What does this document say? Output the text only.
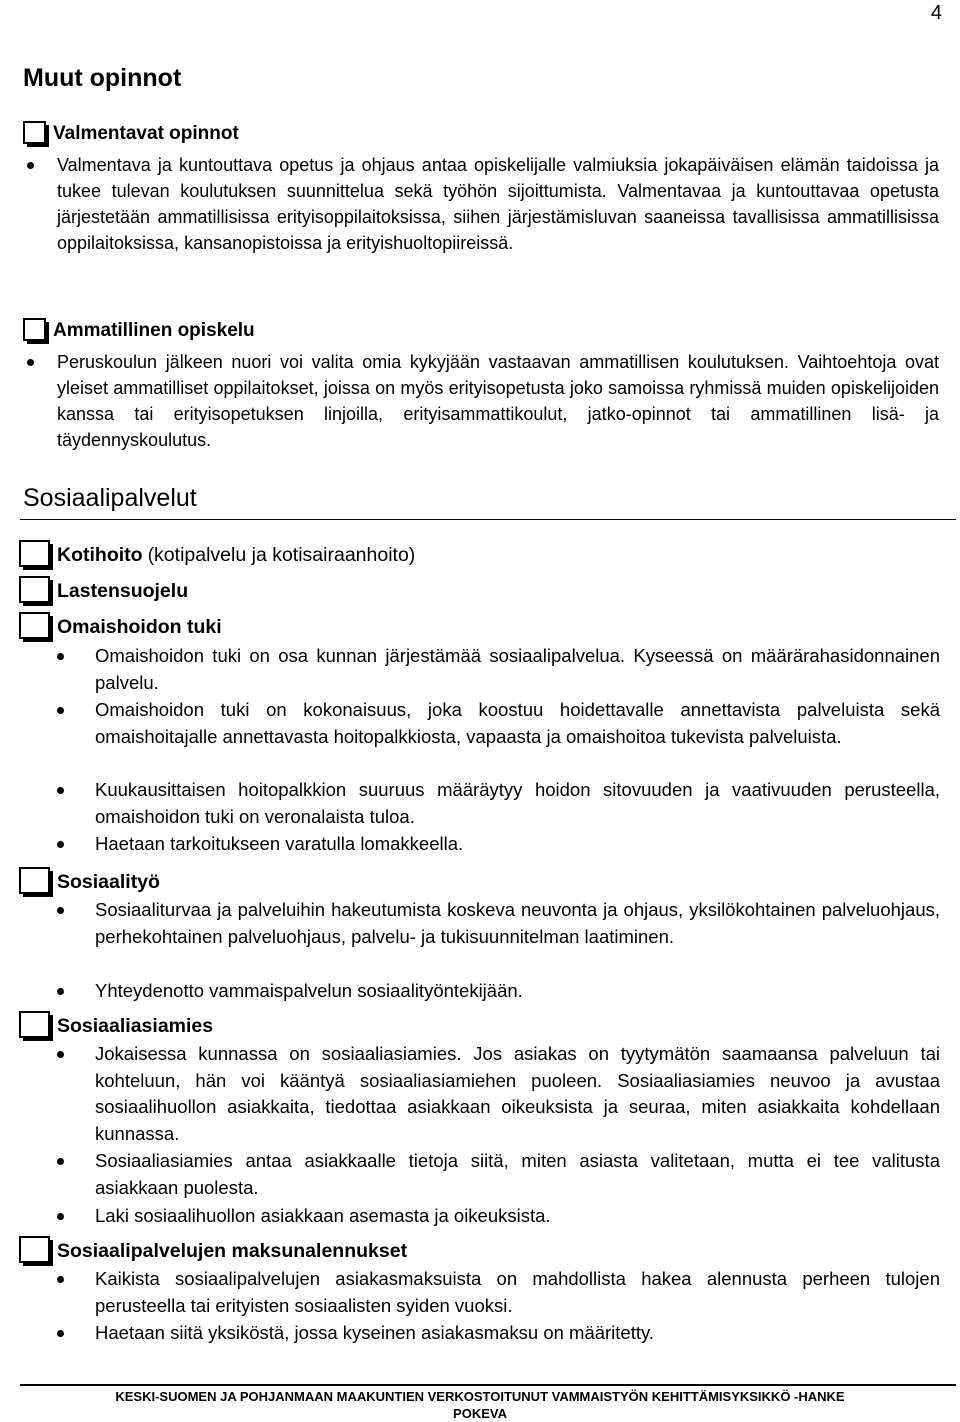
4
Muut opinnot
Valmentavat opinnot

Valmentava ja kuntouttava opetus ja ohjaus antaa opiskelijalle valmiuksia jokapäiväisen elämän taidoissa ja tukee tulevan koulutuksen suunnittelua sekä työhön sijoittumista. Valmentavaa ja kuntouttavaa opetusta järjestetään ammatillisissa erityisoppilaitoksissa, siihen järjestämisluvan saaneissa tavallisissa ammatillisissa oppilaitoksissa, kansanopistoissa ja erityishuoltopiireissä.

Ammatillinen opiskelu

Peruskoulun jälkeen nuori voi valita omia kykyjään vastaavan ammatillisen koulutuksen. Vaihtoehtoja ovat yleiset ammatilliset oppilaitokset, joissa on myös erityisopetusta joko samoissa ryhmissä muiden opiskelijoiden kanssa tai erityisopetuksen linjoilla, erityisammattikoulut, jatko-opinnot tai ammatillinen lisä- ja täydennyskoulutus.

Sosiaalipalvelut
Kotihoito (kotipalvelu ja kotisairaanhoito)
Lastensuojelu
Omaishoidon tuki

Omaishoidon tuki on osa kunnan järjestämää sosiaalipalvelua. Kyseessä on määrärahasidonnainen palvelu.

Omaishoidon tuki on kokonaisuus, joka koostuu hoidettavalle annettavista palveluista sekä omaishoitajalle annettavasta hoitopalkkiosta, vapaasta ja omaishoitoa tukevista palveluista.

Kuukausittaisen hoitopalkkion suuruus määräytyy hoidon sitovuuden ja vaativuuden perusteella, omaishoidon tuki on veronalaista tuloa.

Haetaan tarkoitukseen varatulla lomakkeella.

Sosiaalityö

Sosiaaliturvaa ja palveluihin hakeutumista koskeva neuvonta ja ohjaus, yksilökohtainen palveluohjaus, perhekohtainen palveluohjaus, palvelu- ja tukisuunnitelman laatiminen.

Yhteydenotto vammaispalvelun sosiaalityöntekijään.

Sosiaaliasiamies

Jokaisessa kunnassa on sosiaaliasiamies. Jos asiakas on tyytymätön saamaansa palveluun tai kohteluun, hän voi kääntyä sosiaaliasiamiehen puoleen. Sosiaaliasiamies neuvoo ja avustaa sosiaalihuollon asiakkaita, tiedottaa asiakkaan oikeuksista ja seuraa, miten asiakkaita kohdellaan kunnassa.

Sosiaaliasiamies antaa asiakkaalle tietoja siitä, miten asiasta valitetaan, mutta ei tee valitusta asiakkaan puolesta.

Laki sosiaalihuollon asiakkaan asemasta ja oikeuksista.

Sosiaalipalvelujen maksunalennukset

Kaikista sosiaalipalvelujen asiakasmaksuista on mahdollista hakea alennusta perheen tulojen perusteella tai erityisten sosiaalisten syiden vuoksi.

Haetaan siitä yksiköstä, jossa kyseinen asiakasmaksu on määritetty.

KESKI-SUOMEN JA POHJANMAAN MAAKUNTIEN VERKOSTOITUNUT VAMMAISTYÖN KEHITTÄMISYKSIKKÖ -HANKE
POKEVA
